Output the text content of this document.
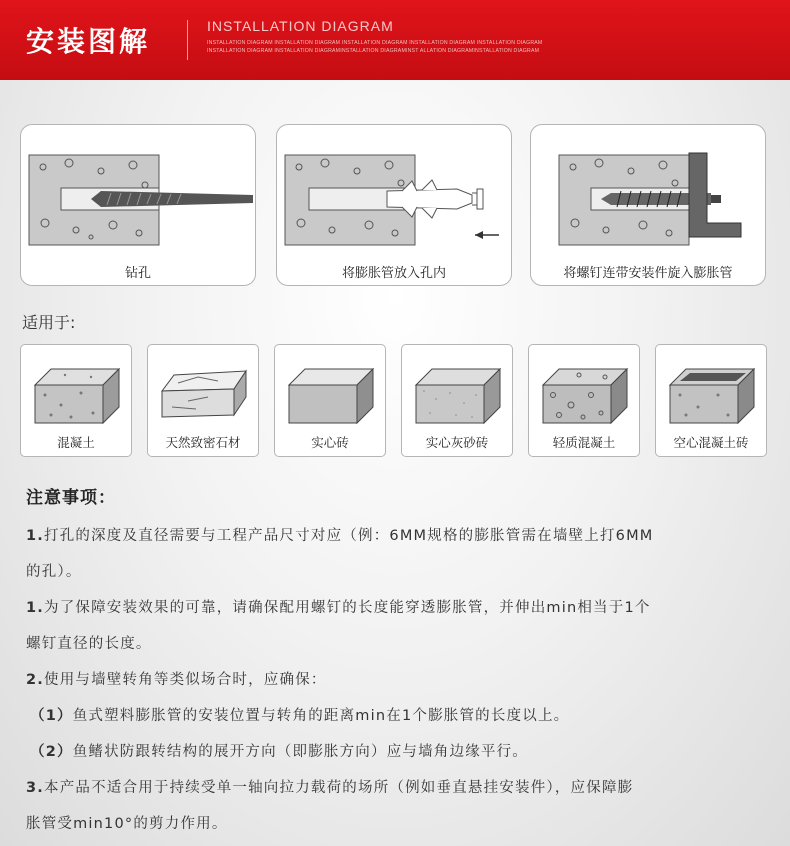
安装图解	INSTALLATION DIAGRAM
INSTALLATION DIAGRAM INSTALLATION DIAGRAM INSTALLATION DIAGRAM INSTALLATION DIAGRAM INSTALLATION DIAGRAM INSTALLATION DIAGRAM INSTALLATION DIAGRAMINSTALLATION DIAGRAMINST ALLATION DIAGRAMINSTALLATION DIAGRAM
钻孔	将膨胀管放入孔内	将螺钉连带安装件旋入膨胀管
适用于:
混凝土	天然致密石材	实心砖	实心灰砂砖	轻质混凝土	空心混凝土砖
注意事项：
1.打孔的深度及直径需要与工程产品尺寸对应（例：6MM规格的膨胀管需在墙壁上打6MM
的孔）。
1.为了保障安装效果的可靠，请确保配用螺钉的长度能穿透膨胀管，并伸出min相当于1个
螺钉直径的长度。
2.使用与墙壁转角等类似场合时，应确保：
（1）鱼式塑料膨胀管的安装位置与转角的距离min在1个膨胀管的长度以上。
（2）鱼鳍状防跟转结构的展开方向（即膨胀方向）应与墙角边缘平行。
3.本产品不适合用于持续受单一轴向拉力载荷的场所（例如垂直悬挂安装件），应保障膨
胀管受min10°的剪力作用。
